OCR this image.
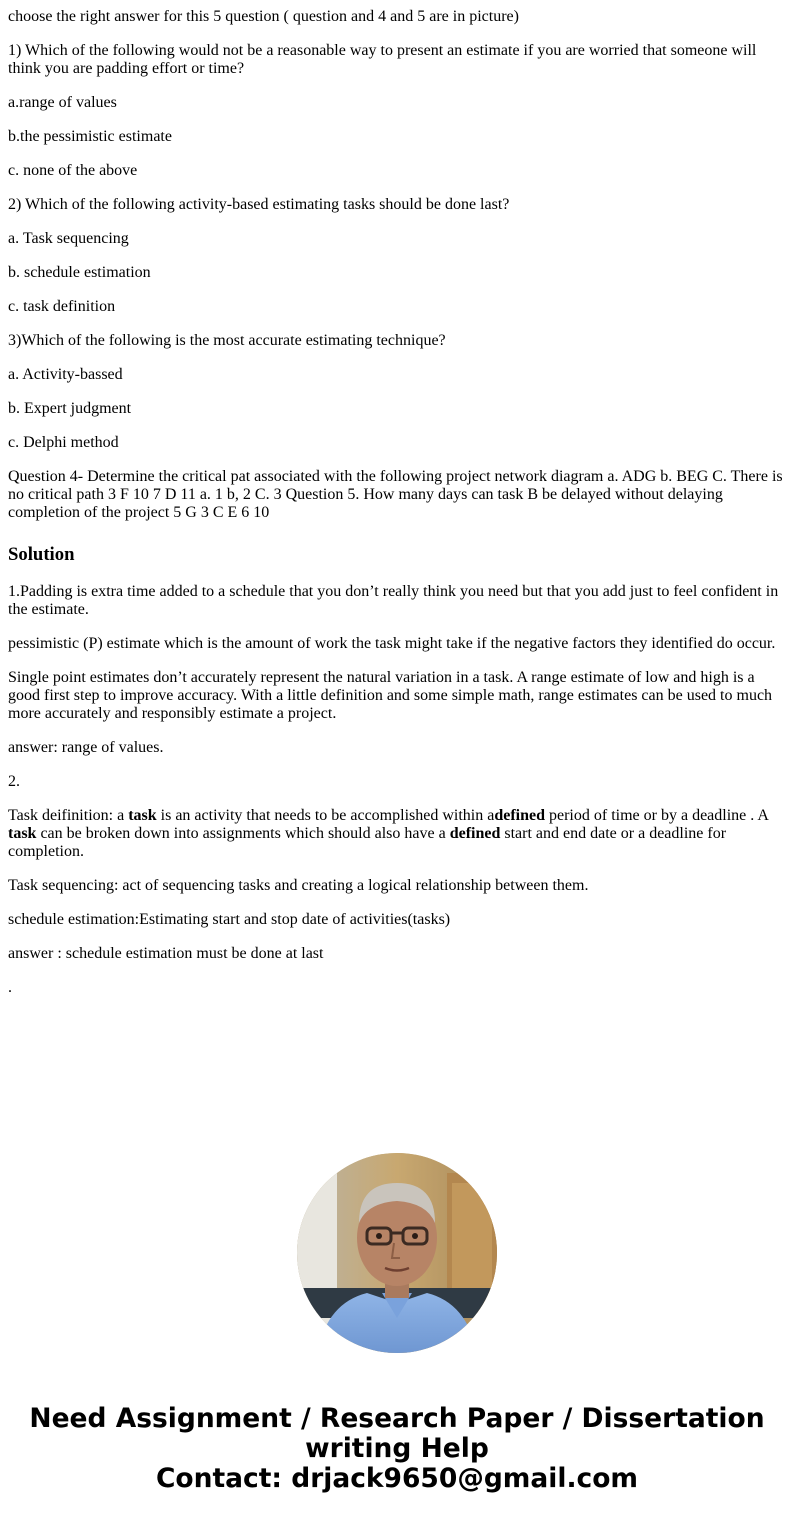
choose the right answer for this 5 question ( question and 4 and 5 are in picture)

1) Which of the following would not be a reasonable way to present an estimate if you are worried that someone will think you are padding effort or time?

a.range of values

b.the pessimistic estimate

c. none of the above

2) Which of the following activity-based estimating tasks should be done last?

a. Task sequencing

b. schedule estimation

c. task definition

3)Which of the following is the most accurate estimating technique?

a. Activity-bassed

b. Expert judgment

c. Delphi method

Question 4- Determine the critical pat associated with the following project network diagram a. ADG b. BEG C. There is no critical path 3 F 10 7 D 11 a. 1 b, 2 C. 3 Question 5. How many days can task B be delayed without delaying completion of the project 5 G 3 C E 6 10

Solution

1.Padding is extra time added to a schedule that you don’t really think you need but that you add just to feel confident in the estimate.

pessimistic (P) estimate which is the amount of work the task might take if the negative factors they identified do occur.

Single point estimates don’t accurately represent the natural variation in a task. A range estimate of low and high is a good first step to improve accuracy. With a little definition and some simple math, range estimates can be used to much more accurately and responsibly estimate a project.

answer: range of values.

2.

Task deifinition: a task is an activity that needs to be accomplished within adefined period of time or by a deadline . A task can be broken down into assignments which should also have a defined start and end date or a deadline for completion.

Task sequencing: act of sequencing tasks and creating a logical relationship between them.

schedule estimation:Estimating start and stop date of activities(tasks)

answer : schedule estimation must be done at last

.

Need Assignment / Research Paper / Dissertation
writing Help
Contact: drjack9650@gmail.com
